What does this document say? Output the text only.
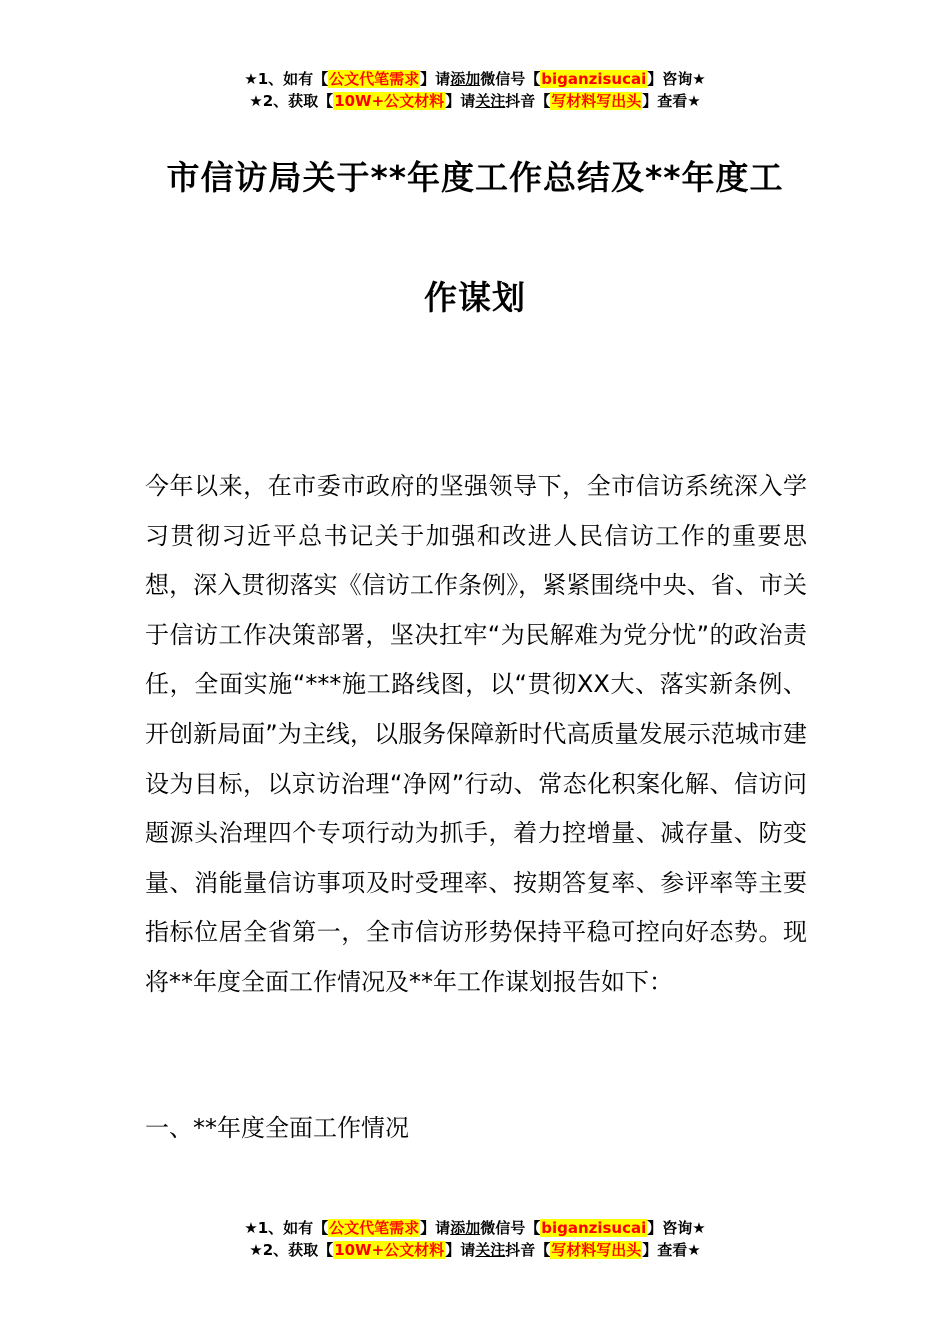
★1、如有【公文代笔需求】请添加微信号【biganzisucai】咨询★
★2、获取【10W+公文材料】请关注抖音【写材料写出头】查看★
市信访局关于**年度工作总结及**年度工
作谋划

今年以来，在市委市政府的坚强领导下，全市信访系统深入学习贯彻习近平总书记关于加强和改进人民信访工作的重要思想，深入贯彻落实《信访工作条例》，紧紧围绕中央、省、市关于信访工作决策部署，坚决扛牢“为民解难为党分忧”的政治责任，全面实施“***施工路线图，以“贯彻XX大、落实新条例、开创新局面”为主线，以服务保障新时代高质量发展示范城市建设为目标，以京访治理“净网”行动、常态化积案化解、信访问题源头治理四个专项行动为抓手，着力控增量、减存量、防变量、消能量信访事项及时受理率、按期答复率、参评率等主要指标位居全省第一，全市信访形势保持平稳可控向好态势。现将**年度全面工作情况及**年工作谋划报告如下：

一、**年度全面工作情况

★1、如有【公文代笔需求】请添加微信号【biganzisucai】咨询★
★2、获取【10W+公文材料】请关注抖音【写材料写出头】查看★
